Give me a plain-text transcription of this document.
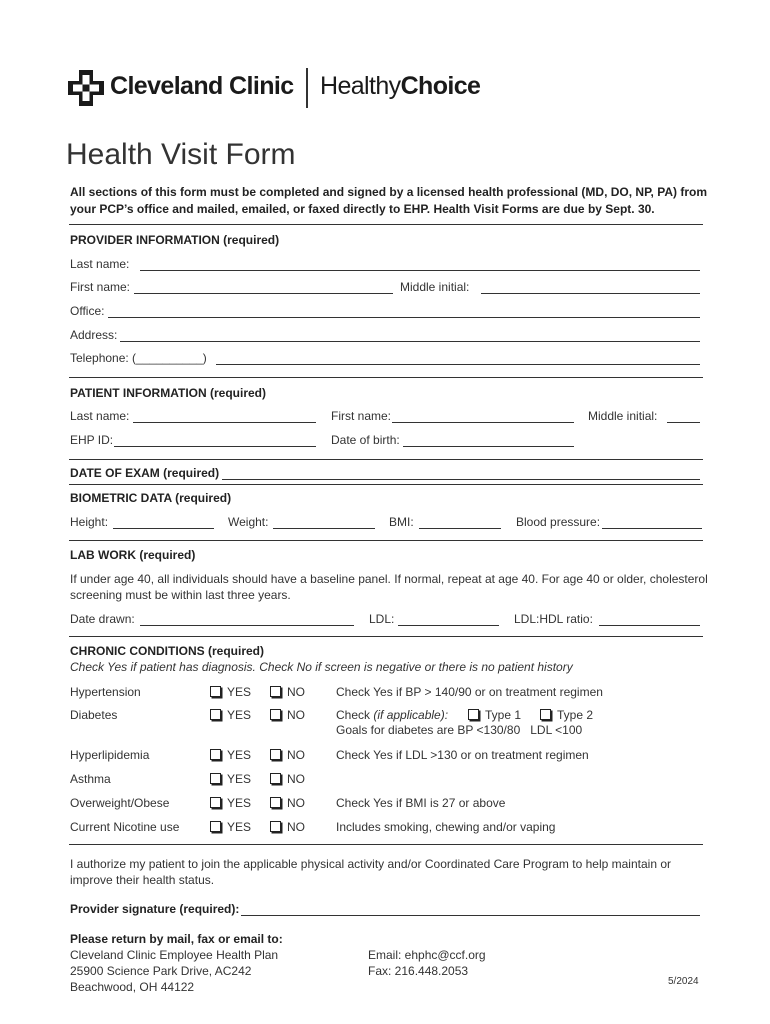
Cleveland Clinic HealthyChoice
Health Visit Form
All sections of this form must be completed and signed by a licensed health professional (MD, DO, NP, PA) from your PCP’s office and mailed, emailed, or faxed directly to EHP. Health Visit Forms are due by Sept. 30.
PROVIDER INFORMATION (required)
Last name:
First name:	Middle initial:
Office:
Address:
Telephone: (__________)
PATIENT INFORMATION (required)
Last name:	First name:	Middle initial:
EHP ID:	Date of birth:
DATE OF EXAM (required)
BIOMETRIC DATA (required)
Height:	Weight:	BMI:	Blood pressure:
LAB WORK (required)
If under age 40, all individuals should have a baseline panel. If normal, repeat at age 40. For age 40 or older, cholesterol screening must be within last three years.
Date drawn:	LDL:	LDL:HDL ratio:
CHRONIC CONDITIONS (required)
Check Yes if patient has diagnosis. Check No if screen is negative or there is no patient history
Hypertension	YES	NO	Check Yes if BP > 140/90 or on treatment regimen
Diabetes	YES	NO	Check (if applicable):	Type 1	Type 2
Goals for diabetes are BP <130/80   LDL <100
Hyperlipidemia	YES	NO	Check Yes if LDL >130 or on treatment regimen
Asthma	YES	NO
Overweight/Obese	YES	NO	Check Yes if BMI is 27 or above
Current Nicotine use	YES	NO	Includes smoking, chewing and/or vaping
I authorize my patient to join the applicable physical activity and/or Coordinated Care Program to help maintain or improve their health status.
Provider signature (required):
Please return by mail, fax or email to:
Cleveland Clinic Employee Health Plan
25900 Science Park Drive, AC242
Beachwood, OH 44122
Email: ehphc@ccf.org
Fax: 216.448.2053
5/2024
